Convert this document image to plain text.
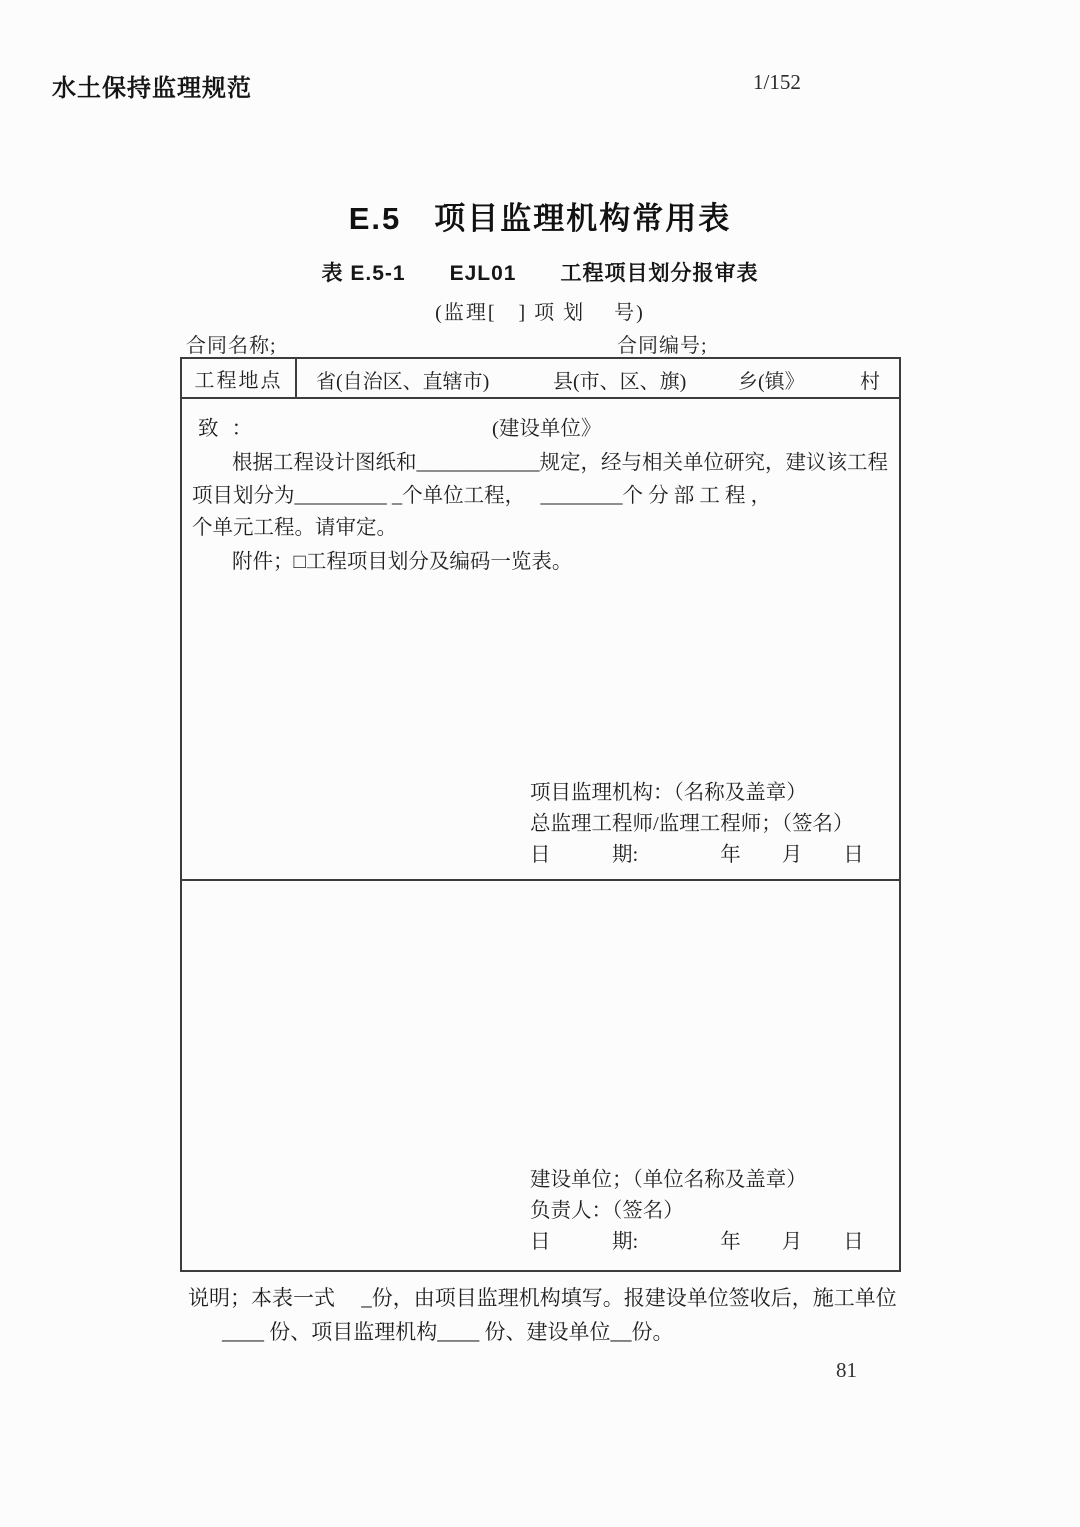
水土保持监理规范	1/152
E.5　项目监理机构常用表
表 E.5-1　　EJL01　　工程项目划分报审表
(监理[　] 项 划　 号)
合同名称;	合同编号;
工程地点	省(自治区、直辖市)	县(市、区、旗)	乡(镇》	村
致 ：	(建设单位》
根据工程设计图纸和____________规定，经与相关单位研究，建议该工程
项目划分为_________ _个单位工程，　 ________个 分 部 工 程 ，
个单元工程。请审定。
附件；□工程项目划分及编码一览表。
项目监理机构：（名称及盖章）
总监理工程师/监理工程师；（签名）
日　　　期:　　　　年　　月　　日
建设单位；（单位名称及盖章）
负责人：（签名）
日　　　期:　　　　年　　月　　日
说明；本表一式　 _份，由项目监理机构填写。报建设单位签收后，施工单位
____ 份、项目监理机构____ 份、建设单位__份。
81
